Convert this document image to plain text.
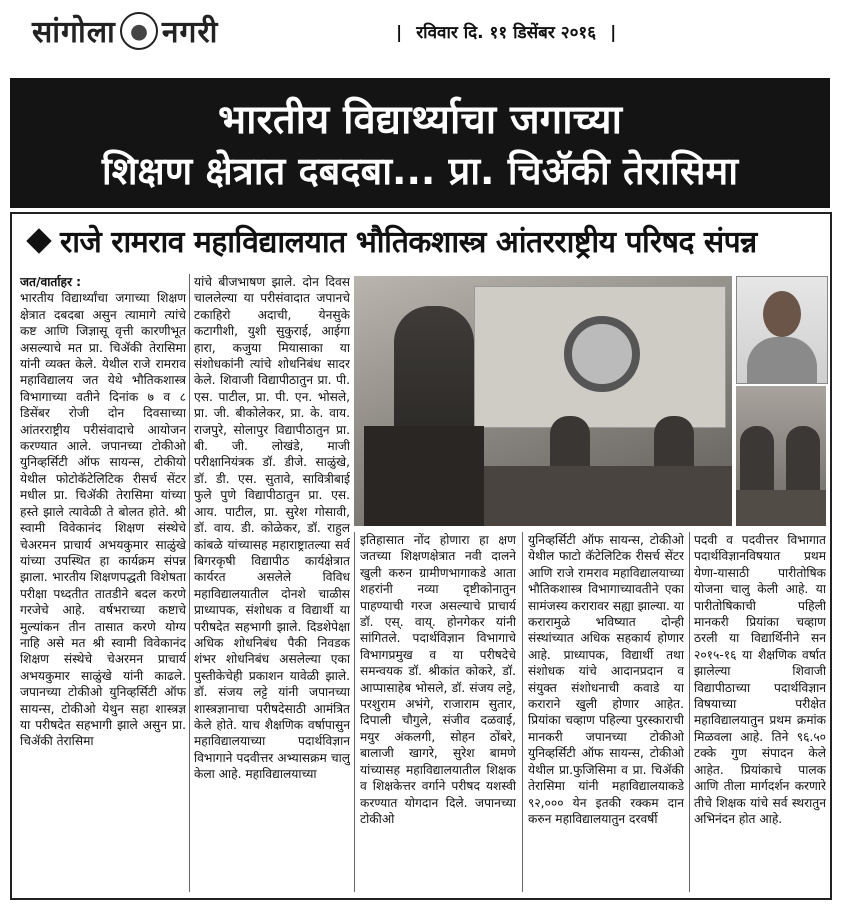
सांगोला नगरी	| रविवार दि. ११ डिसेंबर २०१६ |
भारतीय विद्यार्थ्याचा जगाच्या
शिक्षण क्षेत्रात दबदबा... प्रा. चिॲकी तेरासिमा
राजे रामराव महाविद्यालयात भौतिकशास्त्र आंतरराष्ट्रीय परिषद संपन्न
जत/वार्ताहर :
भारतीय विद्यार्थ्यांचा जगाच्या शिक्षण क्षेत्रात दबदबा असुन त्यामागे त्यांचे कष्ट आणि जिज्ञासू वृत्ती कारणीभूत असल्याचे मत प्रा. चिॲकी तेरासिमा यांनी व्यक्त केले. येथील राजे रामराव महाविद्यालय जत येथे भौतिकशास्त्र विभागाच्या वतीने दिनांक ७ व ८ डिसेंबर रोजी दोन दिवसाच्या आंतरराष्ट्रीय परीसंवादाचे आयोजन करण्यात आले. जपानच्या टोकीओ युनिव्हर्सिटी ऑफ सायन्स, टोकीयो येथील फोटोकॅटेलिटिक रीसर्च सेंटर मधील प्रा. चिॲकी तेरासिमा यांच्या हस्ते झाले त्यावेळी ते बोलत होते. श्री स्वामी विवेकानंद शिक्षण संस्थेचे चेअरमन प्राचार्य अभयकुमार साळुंखे यांच्या उपस्थित हा कार्यक्रम संपन्न झाला. भारतीय शिक्षणपद्धती विशेषता परीक्षा पध्दतीत तातडीने बदल करणे गरजेचे आहे. वर्षभराच्या कष्टाचे मुल्यांकन तीन तासात करणे योग्य नाहि असे मत श्री स्वामी विवेकानंद शिक्षण संस्थेचे चेअरमन प्राचार्य अभयकुमार साळुंखे यांनी काढले. जपानच्या टोकीओ युनिव्हर्सिटी ऑफ सायन्स, टोकीओ येथुन सहा शास्त्रज्ञ या परीषदेत सहभागी झाले असुन प्रा. चिॲकी तेरासिमा
यांचे बीजभाषण झाले. दोन दिवस चाललेल्या या परीसंवादात जपानचे टकाहिरो अदाची, येनसुके कटागीशी, युशी सुकुराई, आईगा हारा, कजुया मियासाका या संशोधकांनी त्यांचे शोधनिबंध सादर केले. शिवाजी विद्यापीठातुन प्रा. पी. एस. पाटील, प्रा. पी. एन. भोसले, प्रा. जी. बीकोलेकर, प्रा. के. वाय. राजपुरे, सोलापुर विद्यापीठातुन प्रा. बी. जी. लोखंडे, माजी परीक्षानियंत्रक डॉ. डीजे. साळुंखे, डॉ. डी. एस. सुतावे, सावित्रीबाई फुले पुणे विद्यापीठातुन प्रा. एस. आय. पाटील, प्रा. सुरेश गोसावी, डॉ. वाय. डी. कोळेकर, डॉ. राहुल कांबळे यांच्यासह महाराष्ट्रातल्या सर्व बिगरकृषी विद्यापीठ कार्यक्षेत्रात कार्यरत असलेले विविध महाविद्यालयातील दोनशे चाळीस प्राध्यापक, संशोधक व विद्यार्थी या परीषदेत सहभागी झाले. दिडशेपेक्षा अधिक शोधनिबंध पैकी निवडक शंभर शोधनिबंध असलेल्या एका पुस्तीकेचेही प्रकाशन यावेळी झाले. डॉ. संजय लट्टे यांनी जपानच्या शास्त्रज्ञानाचा परीषदेसाठी आमंत्रित केले होते. याच शैक्षणिक वर्षापासुन महाविद्यालयाच्या पदार्थविज्ञान विभागाने पदवीत्तर अभ्यासक्रम चालु केला आहे. महाविद्यालयाच्या
इतिहासात नोंद होणारा हा क्षण जतच्या शिक्षणक्षेत्रात नवी दालने खुली करुन ग्रामीणभागाकडे आता शहरांनी नव्या दृष्टीकोनातुन पाहण्याची गरज असल्याचे प्राचार्य डॉ. एस्. वाय्. होनगेकर यांनी सांगितले. पदार्थविज्ञान विभागाचे विभागप्रमुख व या परीषदेचे समन्वयक डॉ. श्रीकांत कोकरे, डॉ. आप्पासाहेब भोसले, डॉ. संजय लट्टे, परशुराम अभंगे, राजाराम सुतार, दिपाली चौगुले, संजीव दळवाई, मयुर अंकलगी, सोहन ठोंबरे, बालाजी खागरे, सुरेश बामणे यांच्यासह महाविद्यालयातील शिक्षक व शिक्षकेत्तर वर्गाने परीषद यशस्वी करण्यात योगदान दिले. जपानच्या टोकीओ
युनिव्हर्सिटी ऑफ सायन्स, टोकीओ येथील फाटो कॅटेलिटिक रीसर्च सेंटर आणि राजे रामराव महाविद्यालयाच्या भौतिकशास्त्र विभागाच्यावतीने एका सामंजस्य करारावर सह्या झाल्या. या करारामुळे भविष्यात दोन्ही संस्थांच्यात अधिक सहकार्य होणार आहे. प्राध्यापक, विद्यार्थी तथा संशोधक यांचे आदानप्रदान व संयुक्त संशोधनाची कवाडे या कराराने खुली होणार आहेत. प्रियांका चव्हाण पहिल्या पुरस्काराची मानकरी जपानच्या टोकीओ युनिव्हर्सिटी ऑफ सायन्स, टोकीओ येथील प्रा.फुजिसिमा व प्रा. चिॲकी तेरासिमा यांनी महाविद्यालयाकडे ९२,००० येन इतकी रक्कम दान करुन महाविद्यालयातुन दरवर्षी
पदवी व पदवीत्तर विभागात पदार्थविज्ञानविषयात प्रथम येणा-यासाठी पारीतोषिक योजना चालु केली आहे. या पारीतोषिकाची पहिली मानकरी प्रियांका चव्हाण ठरली या विद्यार्थिनीने सन २०१५-१६ या शैक्षणिक वर्षात झालेल्या शिवाजी विद्यापीठाच्या पदार्थविज्ञान विषयाच्या परीक्षेत महाविद्यालयातुन प्रथम क्रमांक मिळवला आहे. तिने ९६.५० टक्के गुण संपादन केले आहेत. प्रियांकाचे पालक आणि तीला मार्गदर्शन करणारे तीचे शिक्षक यांचे सर्व स्थरातुन अभिनंदन होत आहे.
